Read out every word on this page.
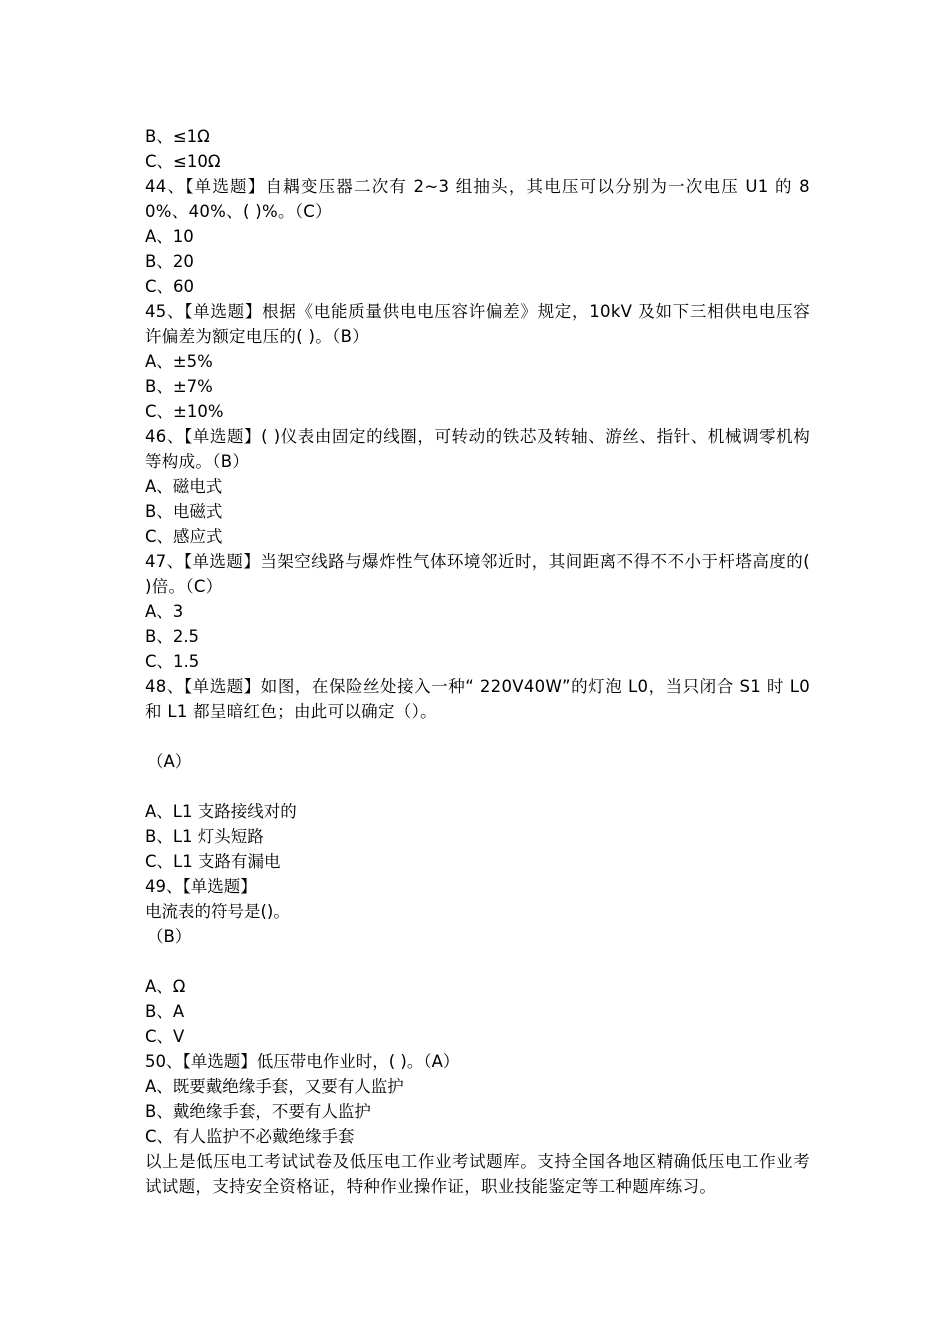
B、≤1Ω
C、≤10Ω
44、【单选题】自耦变压器二次有 2~3 组抽头，其电压可以分别为一次电压 U1 的 80%、40%、( )%。（C）
A、10
B、20
C、60
45、【单选题】根据《电能质量供电电压容许偏差》规定，10kV 及如下三相供电电压容许偏差为额定电压的( )。（B）
A、±5%
B、±7%
C、±10%
46、【单选题】( )仪表由固定的线圈，可转动的铁芯及转轴、游丝、指针、机械调零机构等构成。（B）
A、磁电式
B、电磁式
C、感应式
47、【单选题】当架空线路与爆炸性气体环境邻近时，其间距离不得不不小于杆塔高度的( )倍。（C）
A、3
B、2.5
C、1.5
48、【单选题】如图，在保险丝处接入一种“ 220V40W”的灯泡 L0，当只闭合 S1 时 L0 和 L1 都呈暗红色；由此可以确定（）。
（A）
A、L1 支路接线对的
B、L1 灯头短路
C、L1 支路有漏电
49、【单选题】
电流表的符号是()。
（B）
A、Ω
B、A
C、V
50、【单选题】低压带电作业时，( )。（A）
A、既要戴绝缘手套，又要有人监护
B、戴绝缘手套，不要有人监护
C、有人监护不必戴绝缘手套
以上是低压电工考试试卷及低压电工作业考试题库。支持全国各地区精确低压电工作业考试试题，支持安全资格证，特种作业操作证，职业技能鉴定等工种题库练习。
